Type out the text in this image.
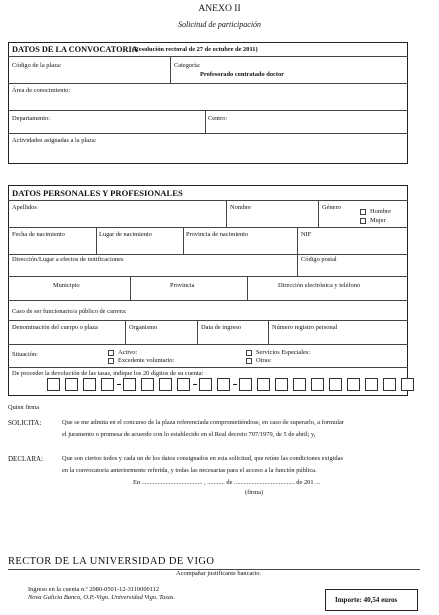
ANEXO II
Solicitud de participación
DATOS DE LA CONVOCATORIA
(Resolución rectoral de 27 de octubre de 2011)
Código de la plaza:	Categoría:
Profesorado contratado doctor
Área de conocimiento:
Departamento:	Centro:
Actividades asignadas a la plaza:
DATOS PERSONALES Y PROFESIONALES
Apellidos	Nombre	Género
Hombre
Mujer
Fecha de nacimiento	Lugar de nacimiento	Provincia de nacimiento	NIF
Dirección/Lugar a efectos de notificaciones	Código postal
Municipio	Provincia	Dirección electrónica y teléfono
Caso de ser funcionario/a público de carrera:
Denominación del cuerpo o plaza	Organismo	Data de ingreso	Número registro personal
Situación:	Activo:
Excedente voluntario:
Servicios Especiales:
Otras:
De proceder la devolución de las tasas, indique los 20 dígitos de su cuenta:
Quien firma
SOLICITA:	Que se me admita en el concurso de la plaza referenciada comprometiéndose, en caso de superarlo, a formular
el juramento o promesa de acuerdo con lo establecido en el Real decreto 707/1979, de 5 de abril; y,
DECLARA:	Que son ciertos todos y cada un de los datos consignados en esta solicitud, que reúne las condiciones exigidas
en la convocatoria anteriormente referida, y todas las necesarias para el acceso a la función pública.
En ...................................... , ........... de ...................................... de 201 ...
(firma)
RECTOR DE LA UNIVERSIDAD DE VIGO
Acompañar justificante bancario.
Ingreso en la cuenta n.º 2080-0501-12-3110000112
Nova Galicia Banco, O.P.-Vigo. Universidad Vigo. Tasas.	Importe: 40,54 euros
